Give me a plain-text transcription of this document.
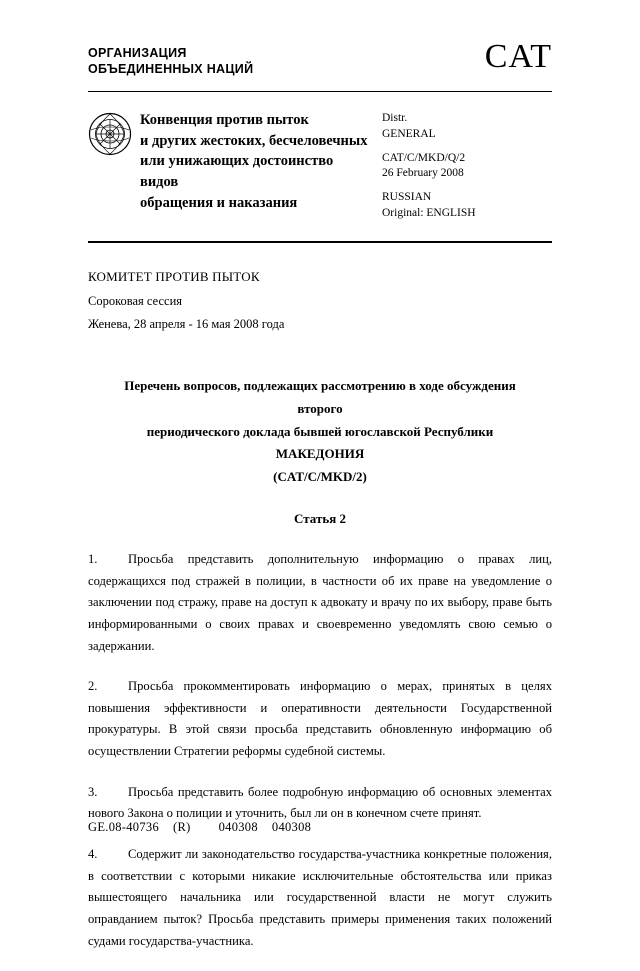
ОРГАНИЗАЦИЯ
ОБЪЕДИНЕННЫХ НАЦИЙ	CAT
Конвенция против пыток
и других жестоких, бесчеловечных
или унижающих достоинство видов
обращения и наказания
Distr.
GENERAL
CAT/C/MKD/Q/2
26 February 2008
RUSSIAN
Original: ENGLISH
КОМИТЕТ ПРОТИВ ПЫТОК
Сороковая сессия
Женева, 28 апреля - 16 мая 2008 года
Перечень вопросов, подлежащих рассмотрению в ходе обсуждения второго
периодического доклада бывшей югославской Республики МАКЕДОНИЯ
(CAT/C/MKD/2)
Статья 2
1. Просьба представить дополнительную информацию о правах лиц, содержащихся под стражей в полиции, в частности об их праве на уведомление о заключении под стражу, праве на доступ к адвокату и врачу по их выбору, праве быть информированными о своих правах и своевременно уведомлять свою семью о задержании.
2. Просьба прокомментировать информацию о мерах, принятых в целях повышения эффективности и оперативности деятельности Государственной прокуратуры. В этой связи просьба представить обновленную информацию об осуществлении Стратегии реформы судебной системы.
3. Просьба представить более подробную информацию об основных элементах нового Закона о полиции и уточнить, был ли он в конечном счете принят.
4. Содержит ли законодательство государства-участника конкретные положения, в соответствии с которыми никакие исключительные обстоятельства или приказ вышестоящего начальника или государственной власти не могут служить оправданием пыток? Просьба представить примеры применения таких положений судами государства-участника.
GE.08-40736 (R) 040308 040308
